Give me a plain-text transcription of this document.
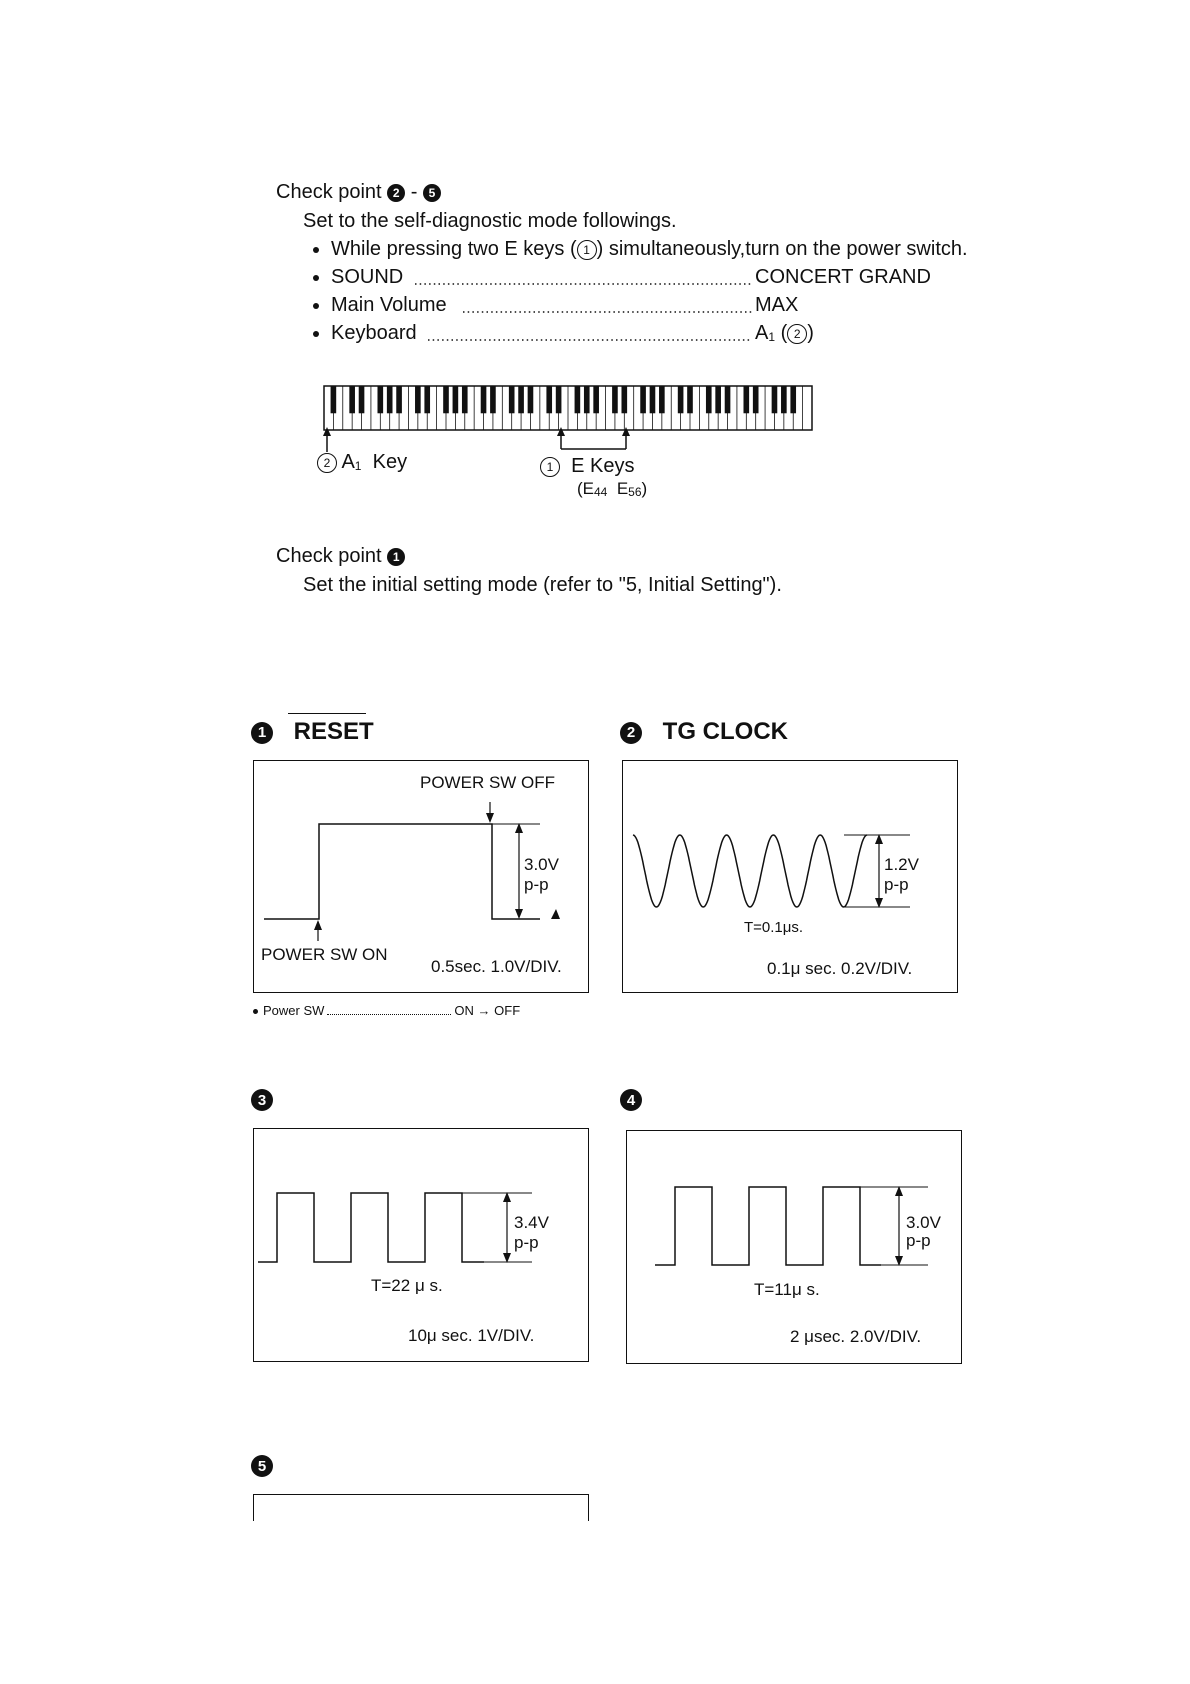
Check point 2 - 5
Set to the self-diagnostic mode followings.
While pressing two E keys ( 1 ) simultaneously,turn on the power switch.
SOUND	CONCERT GRAND
Main Volume	MAX
Keyboard	$A_1$ ( 2 )
2 $A_1$ Key	1 E Keys
($E_{44}$ $E_{56}$)
Check point 1
Set the initial setting mode (refer to "5, Initial Setting").
1 RESET
POWER SW OFF
3.0V
p-p
POWER SW ON
0.5sec. 1.0V/DIV.
Power SW	ON → OFF
2 TG CLOCK
1.2V
p-p
T=0.1μs.
0.1μ sec. 0.2V/DIV.
3
3.4V
p-p
T=22 μ s.
10μ sec. 1V/DIV.
4
3.0V
p-p
T=11μ s.
2 μsec. 2.0V/DIV.
5
